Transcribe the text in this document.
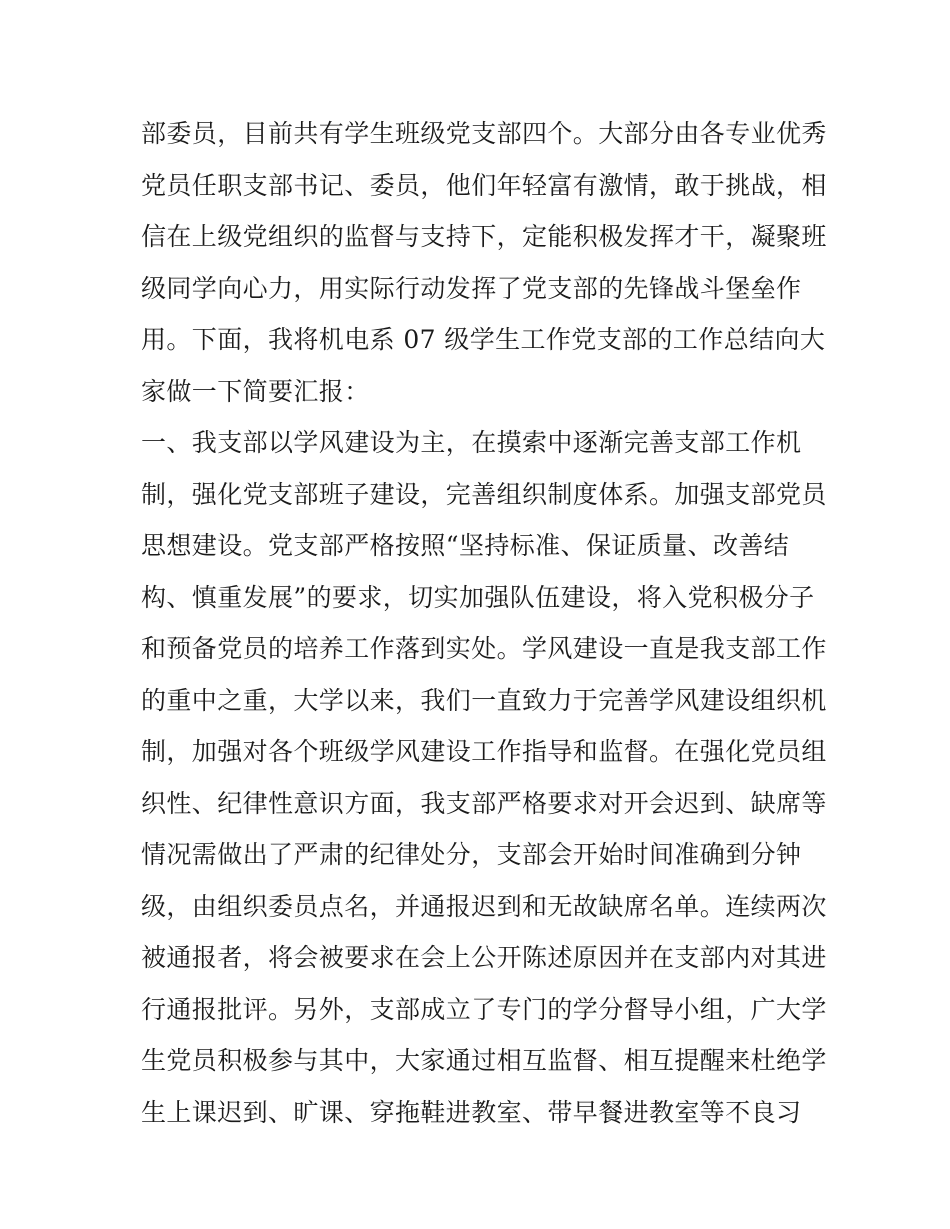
部委员，目前共有学生班级党支部四个。大部分由各专业优秀
党员任职支部书记、委员，他们年轻富有激情，敢于挑战，相
信在上级党组织的监督与支持下，定能积极发挥才干，凝聚班
级同学向心力，用实际行动发挥了党支部的先锋战斗堡垒作
用。下面，我将机电系 07 级学生工作党支部的工作总结向大
家做一下简要汇报：
一、我支部以学风建设为主，在摸索中逐渐完善支部工作机
制，强化党支部班子建设，完善组织制度体系。加强支部党员
思想建设。党支部严格按照“坚持标准、保证质量、改善结
构、慎重发展”的要求，切实加强队伍建设，将入党积极分子
和预备党员的培养工作落到实处。学风建设一直是我支部工作
的重中之重，大学以来，我们一直致力于完善学风建设组织机
制，加强对各个班级学风建设工作指导和监督。在强化党员组
织性、纪律性意识方面，我支部严格要求对开会迟到、缺席等
情况需做出了严肃的纪律处分，支部会开始时间准确到分钟
级，由组织委员点名，并通报迟到和无故缺席名单。连续两次
被通报者，将会被要求在会上公开陈述原因并在支部内对其进
行通报批评。另外，支部成立了专门的学分督导小组，广大学
生党员积极参与其中，大家通过相互监督、相互提醒来杜绝学
生上课迟到、旷课、穿拖鞋进教室、带早餐进教室等不良习
